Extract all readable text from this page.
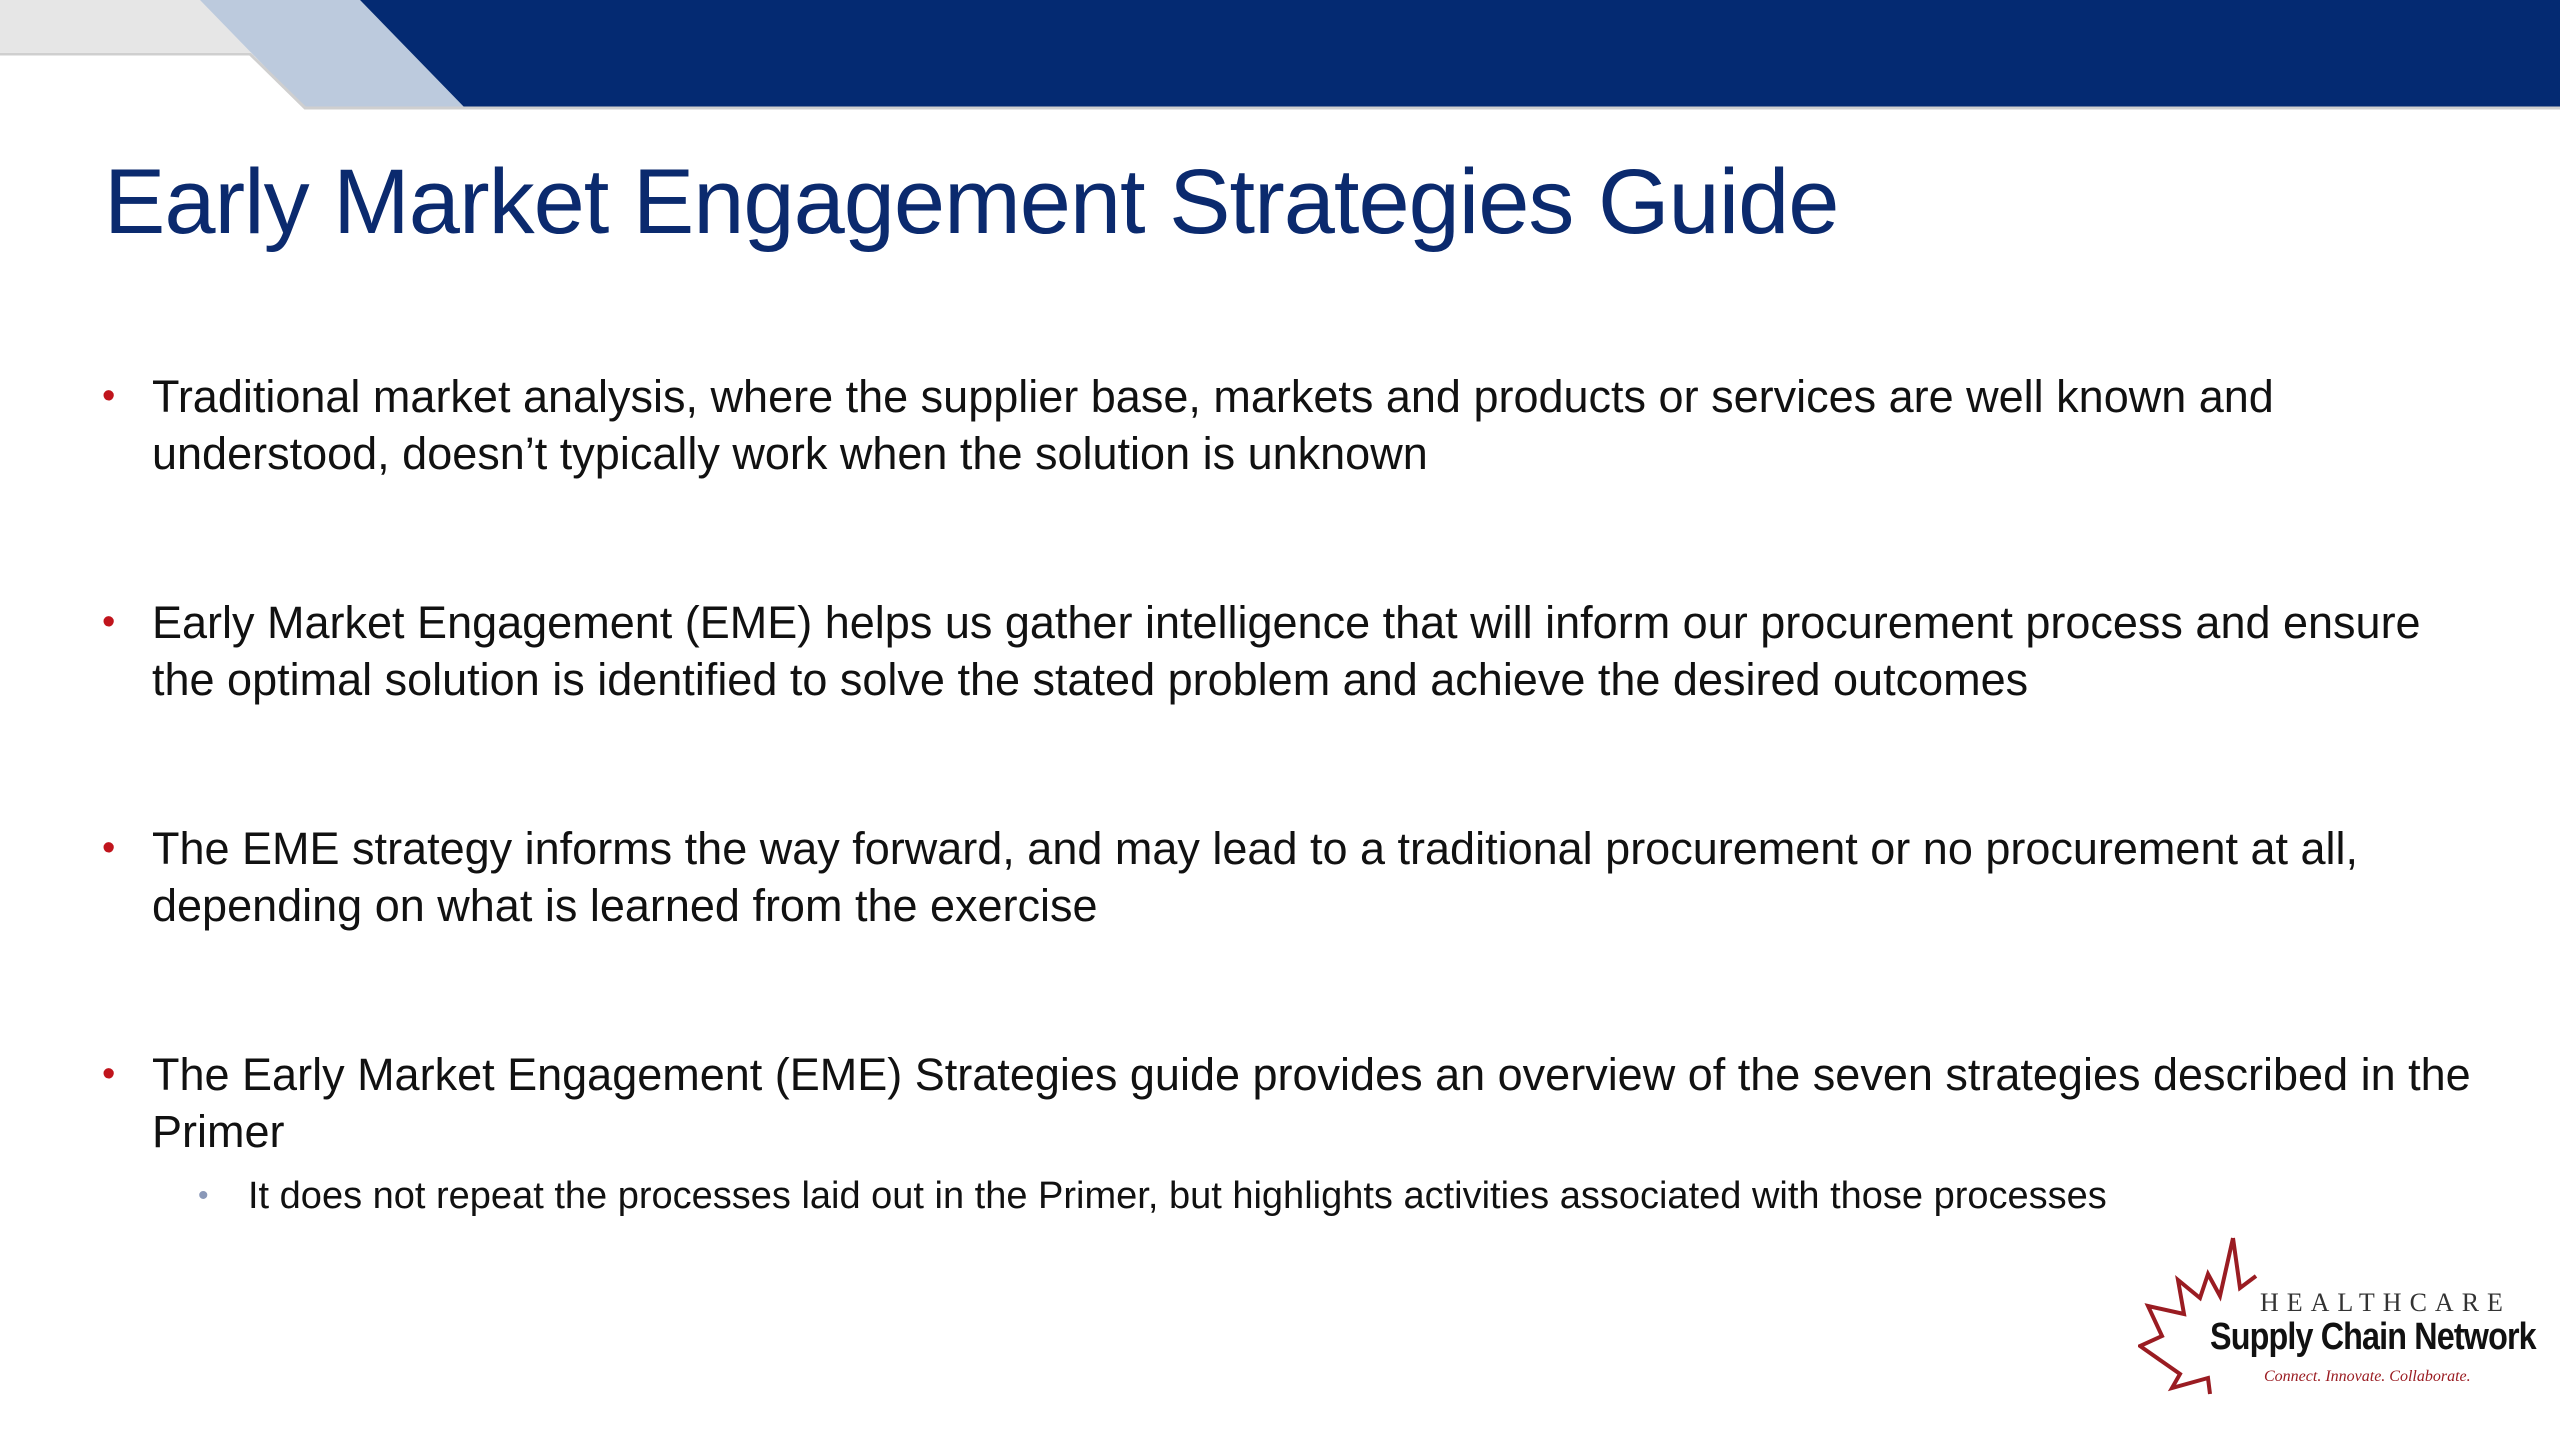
Early Market Engagement Strategies Guide
• Traditional market analysis, where the supplier base, markets and products or services are well known and understood, doesn’t typically work when the solution is unknown
• Early Market Engagement (EME) helps us gather intelligence that will inform our procurement process and ensure the optimal solution is identified to solve the stated problem and achieve the desired outcomes
• The EME strategy informs the way forward, and may lead to a traditional procurement or no procurement at all, depending on what is learned from the exercise
• The Early Market Engagement (EME) Strategies guide provides an overview of the seven strategies described in the Primer
• It does not repeat the processes laid out in the Primer, but highlights activities associated with those processes
HEALTHCARE
Supply Chain Network
Connect. Innovate. Collaborate.
